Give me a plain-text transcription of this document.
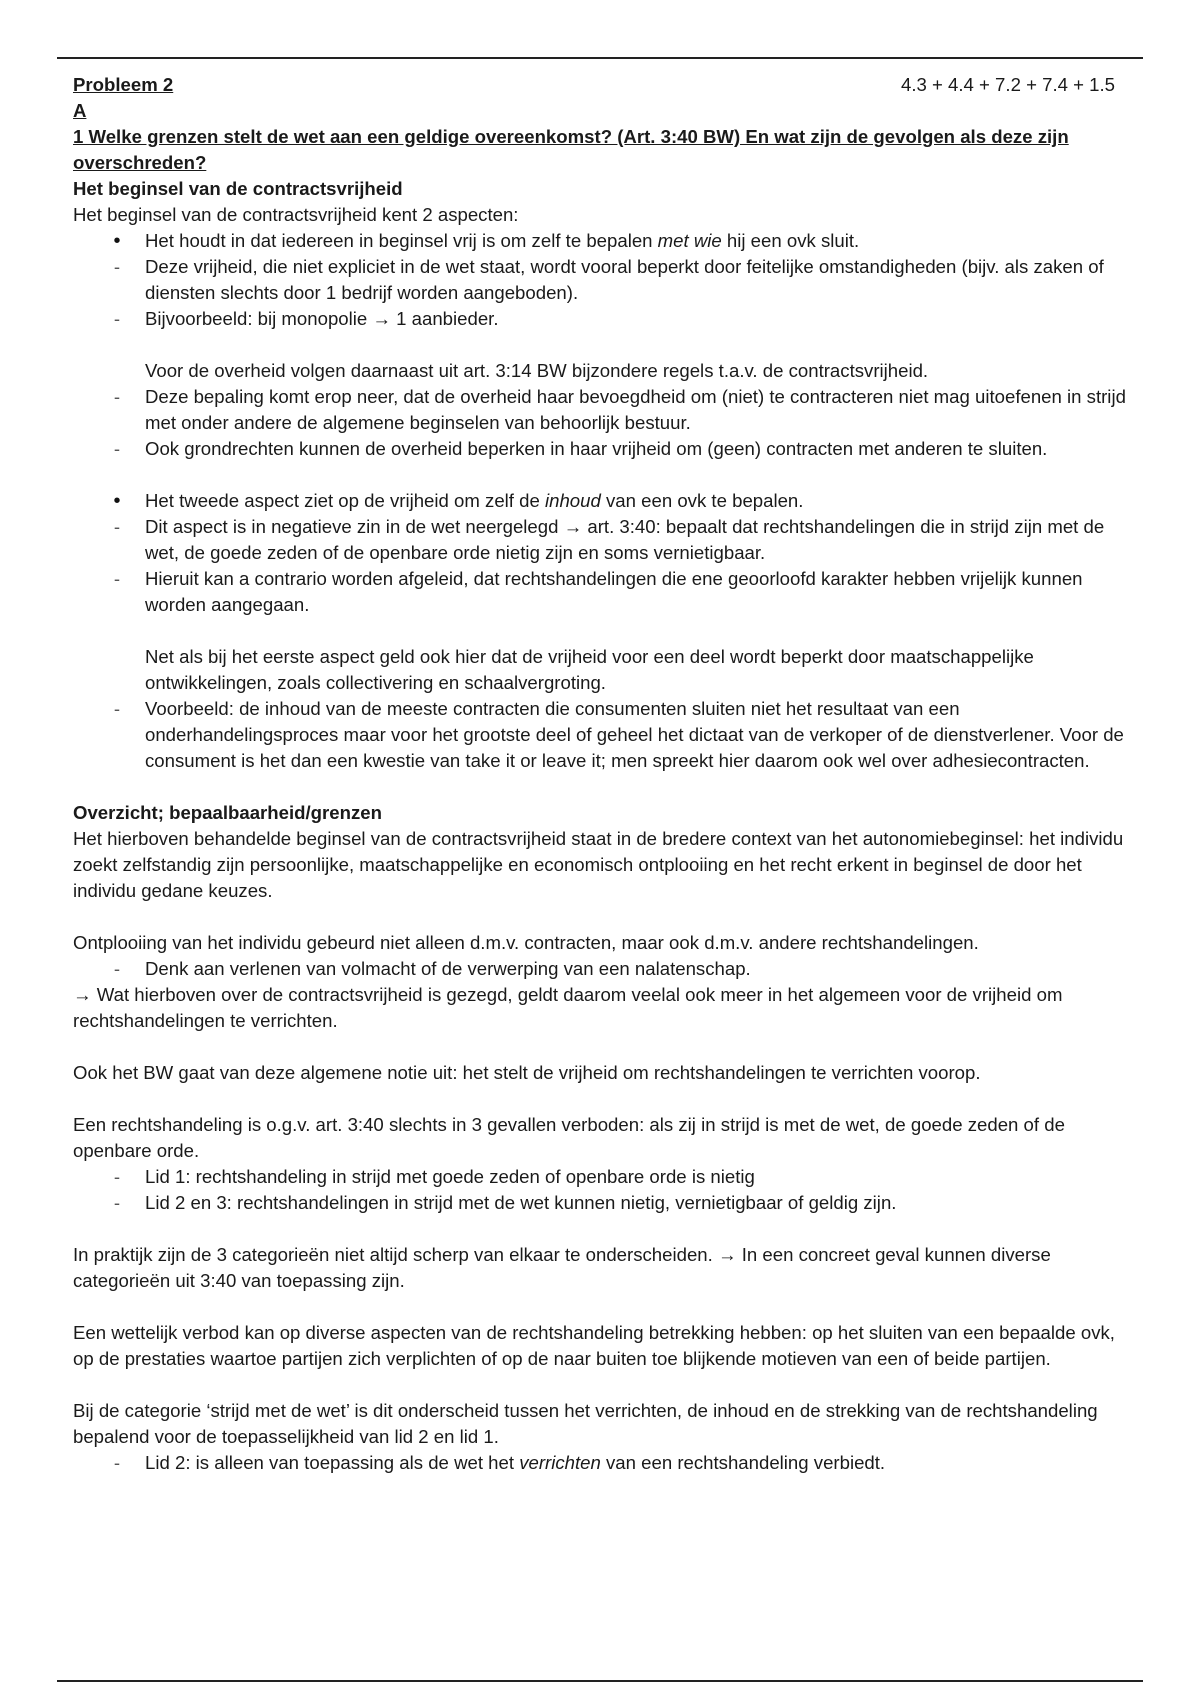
Probleem 2	4.3 + 4.4 + 7.2 + 7.4 + 1.5

A

1 Welke grenzen stelt de wet aan een geldige overeenkomst? (Art. 3:40 BW) En wat zijn de gevolgen als deze zijn overschreden?

Het beginsel van de contractsvrijheid

Het beginsel van de contractsvrijheid kent 2 aspecten:

•	Het houdt in dat iedereen in beginsel vrij is om zelf te bepalen met wie hij een ovk sluit.
-	Deze vrijheid, die niet expliciet in de wet staat, wordt vooral beperkt door feitelijke omstandigheden (bijv. als zaken of diensten slechts door 1 bedrijf worden aangeboden).
-	Bijvoorbeeld: bij monopolie → 1 aanbieder.
Voor de overheid volgen daarnaast uit art. 3:14 BW bijzondere regels t.a.v. de contractsvrijheid.
-	Deze bepaling komt erop neer, dat de overheid haar bevoegdheid om (niet) te contracteren niet mag uitoefenen in strijd met onder andere de algemene beginselen van behoorlijk bestuur.
-	Ook grondrechten kunnen de overheid beperken in haar vrijheid om (geen) contracten met anderen te sluiten.
•	Het tweede aspect ziet op de vrijheid om zelf de inhoud van een ovk te bepalen.
-	Dit aspect is in negatieve zin in de wet neergelegd → art. 3:40: bepaalt dat rechtshandelingen die in strijd zijn met de wet, de goede zeden of de openbare orde nietig zijn en soms vernietigbaar.
-	Hieruit kan a contrario worden afgeleid, dat rechtshandelingen die ene geoorloofd karakter hebben vrijelijk kunnen worden aangegaan.
Net als bij het eerste aspect geld ook hier dat de vrijheid voor een deel wordt beperkt door maatschappelijke ontwikkelingen, zoals collectivering en schaalvergroting.
-	Voorbeeld: de inhoud van de meeste contracten die consumenten sluiten niet het resultaat van een onderhandelingsproces maar voor het grootste deel of geheel het dictaat van de verkoper of de dienstverlener. Voor de consument is het dan een kwestie van take it or leave it; men spreekt hier daarom ook wel over adhesiecontracten.

Overzicht; bepaalbaarheid/grenzen

Het hierboven behandelde beginsel van de contractsvrijheid staat in de bredere context van het autonomiebeginsel: het individu zoekt zelfstandig zijn persoonlijke, maatschappelijke en economisch ontplooiing en het recht erkent in beginsel de door het individu gedane keuzes.

Ontplooiing van het individu gebeurd niet alleen d.m.v. contracten, maar ook d.m.v. andere rechtshandelingen.

-	Denk aan verlenen van volmacht of de verwerping van een nalatenschap.

→ Wat hierboven over de contractsvrijheid is gezegd, geldt daarom veelal ook meer in het algemeen voor de vrijheid om rechtshandelingen te verrichten.

Ook het BW gaat van deze algemene notie uit: het stelt de vrijheid om rechtshandelingen te verrichten voorop.

Een rechtshandeling is o.g.v. art. 3:40 slechts in 3 gevallen verboden: als zij in strijd is met de wet, de goede zeden of de openbare orde.

-	Lid 1: rechtshandeling in strijd met goede zeden of openbare orde is nietig
-	Lid 2 en 3: rechtshandelingen in strijd met de wet kunnen nietig, vernietigbaar of geldig zijn.

In praktijk zijn de 3 categorieën niet altijd scherp van elkaar te onderscheiden. → In een concreet geval kunnen diverse categorieën uit 3:40 van toepassing zijn.

Een wettelijk verbod kan op diverse aspecten van de rechtshandeling betrekking hebben: op het sluiten van een bepaalde ovk, op de prestaties waartoe partijen zich verplichten of op de naar buiten toe blijkende motieven van een of beide partijen.

Bij de categorie ‘strijd met de wet’ is dit onderscheid tussen het verrichten, de inhoud en de strekking van de rechtshandeling bepalend voor de toepasselijkheid van lid 2 en lid 1.

-	Lid 2: is alleen van toepassing als de wet het verrichten van een rechtshandeling verbiedt.
